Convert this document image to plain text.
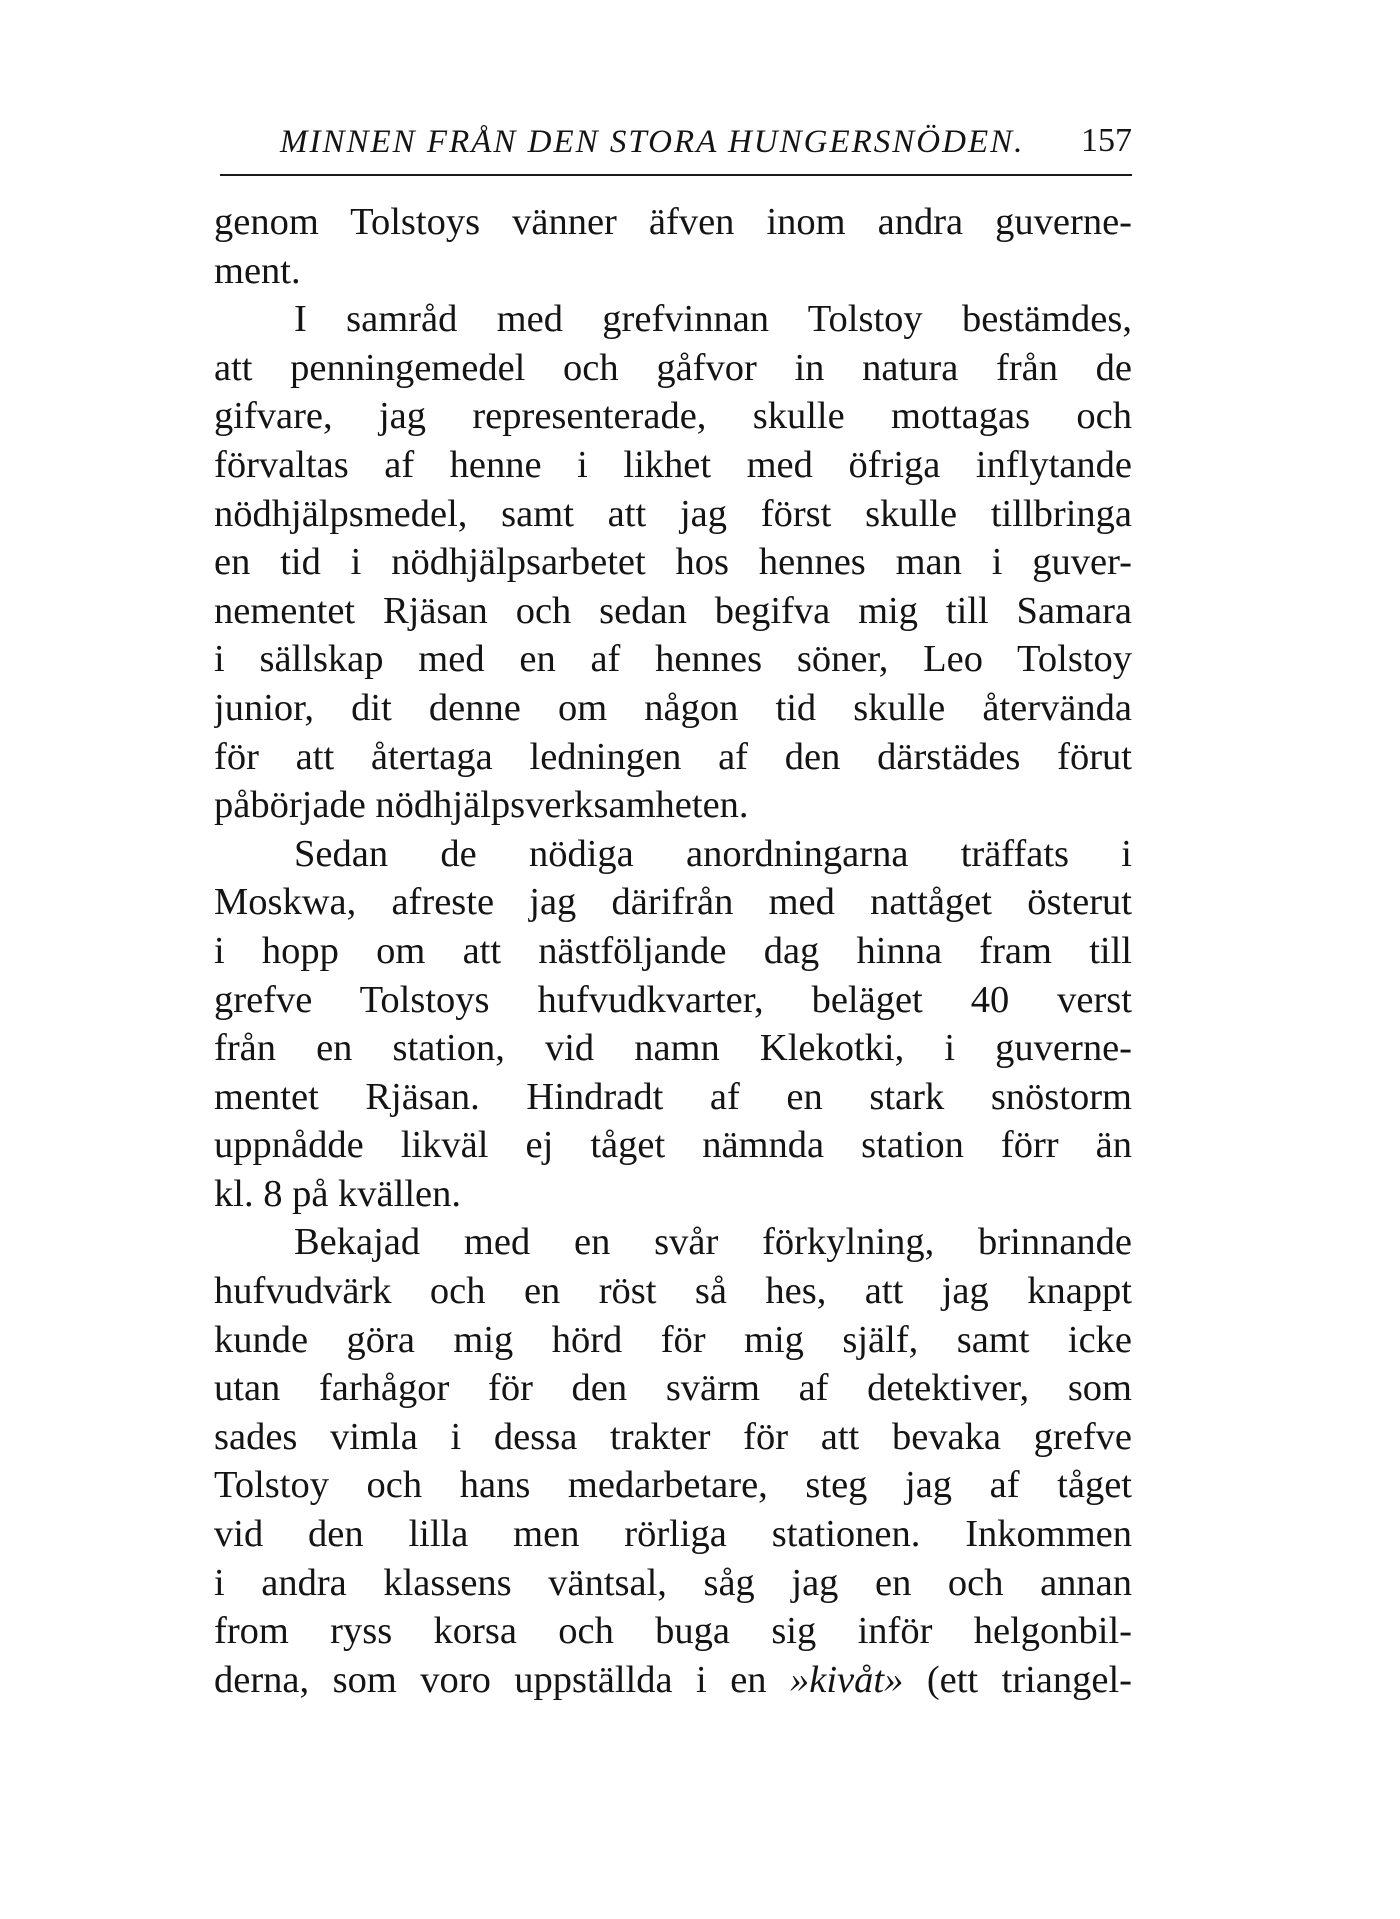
MINNEN FRÅN DEN STORA HUNGERSNÖDEN. 157
genom Tolstoys vänner äfven inom andra guverne-
ment.
I samråd med grefvinnan Tolstoy bestämdes,
att penningemedel och gåfvor in natura från de
gifvare, jag representerade, skulle mottagas och
förvaltas af henne i likhet med öfriga inflytande
nödhjälpsmedel, samt att jag först skulle tillbringa
en tid i nödhjälpsarbetet hos hennes man i guver-
nementet Rjäsan och sedan begifva mig till Samara
i sällskap med en af hennes söner, Leo Tolstoy
junior, dit denne om någon tid skulle återvända
för att återtaga ledningen af den därstädes förut
påbörjade nödhjälpsverksamheten.
Sedan de nödiga anordningarna träffats i
Moskwa, afreste jag därifrån med nattåget österut
i hopp om att nästföljande dag hinna fram till
grefve Tolstoys hufvudkvarter, beläget 40 verst
från en station, vid namn Klekotki, i guverne-
mentet Rjäsan. Hindradt af en stark snöstorm
uppnådde likväl ej tåget nämnda station förr än
kl. 8 på kvällen.
Bekajad med en svår förkylning, brinnande
hufvudvärk och en röst så hes, att jag knappt
kunde göra mig hörd för mig själf, samt icke
utan farhågor för den svärm af detektiver, som
sades vimla i dessa trakter för att bevaka grefve
Tolstoy och hans medarbetare, steg jag af tåget
vid den lilla men rörliga stationen. Inkommen
i andra klassens väntsal, såg jag en och annan
from ryss korsa och buga sig inför helgonbil-
derna, som voro uppställda i en »kivåt» (ett triangel-
